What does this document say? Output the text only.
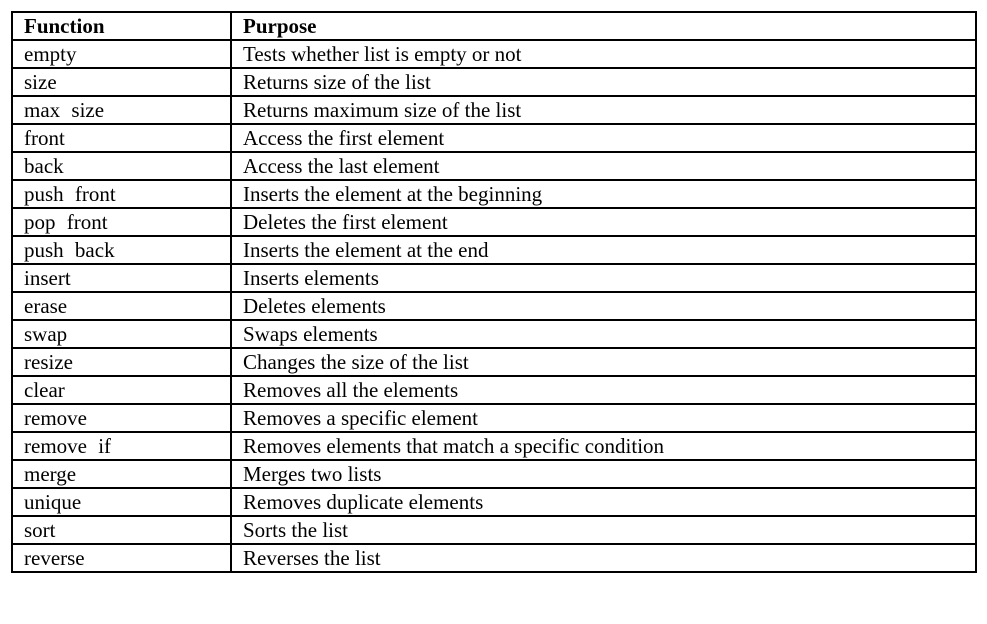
Function	Purpose
empty	Tests whether list is empty or not
size	Returns size of the list
max size	Returns maximum size of the list
front	Access the first element
back	Access the last element
push front	Inserts the element at the beginning
pop front	Deletes the first element
push back	Inserts the element at the end
insert	Inserts elements
erase	Deletes elements
swap	Swaps elements
resize	Changes the size of the list
clear	Removes all the elements
remove	Removes a specific element
remove if	Removes elements that match a specific condition
merge	Merges two lists
unique	Removes duplicate elements
sort	Sorts the list
reverse	Reverses the list
